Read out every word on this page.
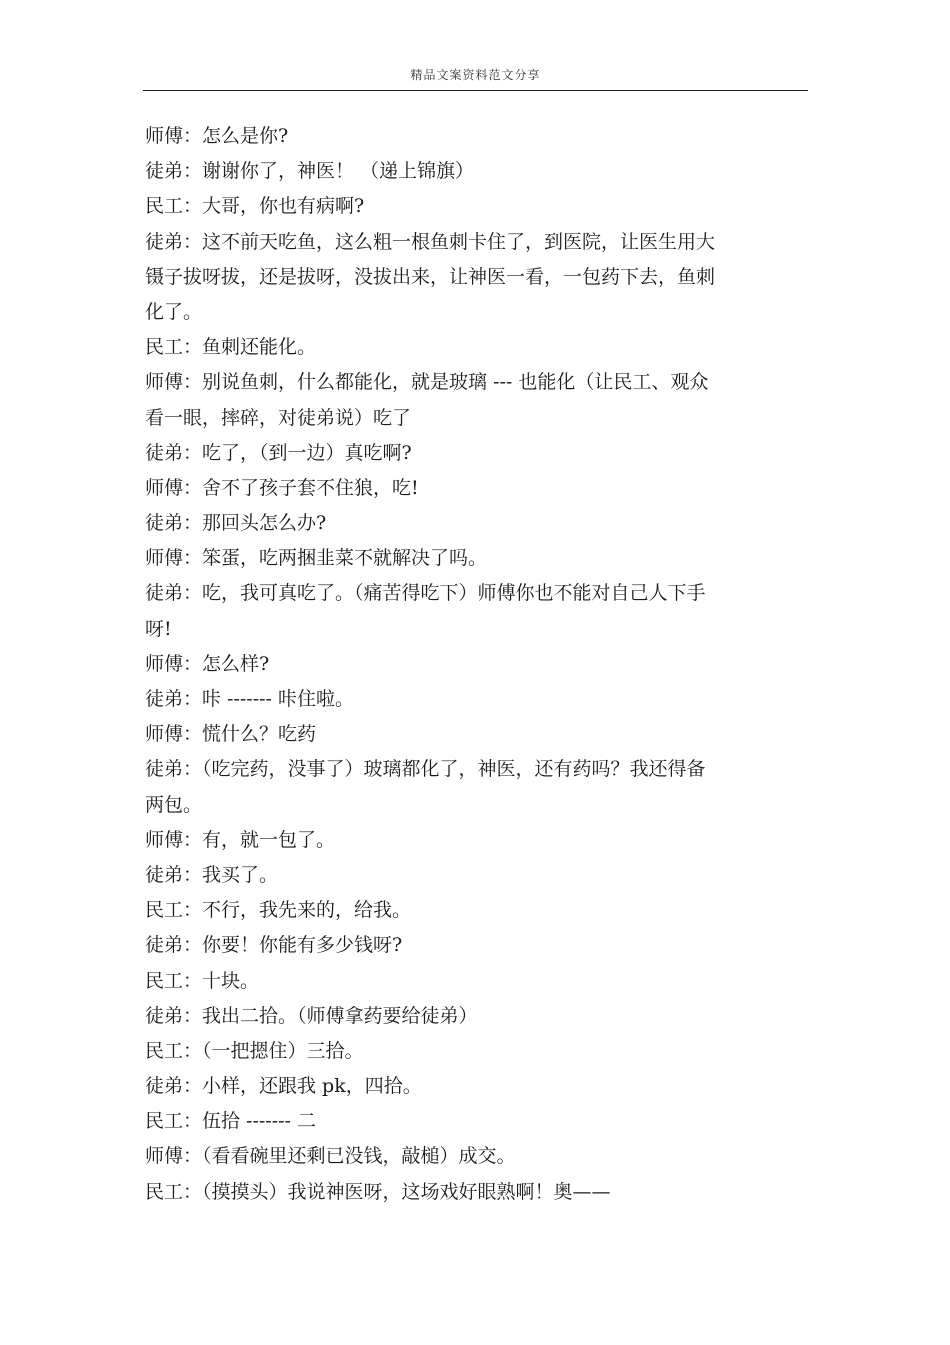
精品文案资料范文分享
师傅：怎么是你?
徒弟：谢谢你了，神医！ （递上锦旗）
民工：大哥，你也有病啊?
徒弟：这不前天吃鱼，这么粗一根鱼刺卡住了，到医院，让医生用大
镊子拔呀拔，还是拔呀，没拔出来，让神医一看，一包药下去，鱼刺
化了。
民工：鱼刺还能化。
师傅：别说鱼刺，什么都能化，就是玻璃 --- 也能化（让民工、观众
看一眼，摔碎，对徒弟说）吃了
徒弟：吃了，（到一边）真吃啊?
师傅：舍不了孩子套不住狼，吃!
徒弟：那回头怎么办?
师傅：笨蛋，吃两捆韭菜不就解决了吗。
徒弟：吃，我可真吃了。（痛苦得吃下）师傅你也不能对自己人下手
呀!
师傅：怎么样?
徒弟：咔 ------- 咔住啦。
师傅：慌什么？吃药
徒弟：（吃完药，没事了）玻璃都化了，神医，还有药吗？我还得备
两包。
师傅：有，就一包了。
徒弟：我买了。
民工：不行，我先来的，给我。
徒弟：你要！你能有多少钱呀?
民工：十块。
徒弟：我出二拾。（师傅拿药要给徒弟）
民工：（一把摁住）三拾。
徒弟：小样，还跟我 pk，四拾。
民工：伍拾 ------- 二
师傅：（看看碗里还剩已没钱，敲槌）成交。
民工：（摸摸头）我说神医呀，这场戏好眼熟啊！奥——
